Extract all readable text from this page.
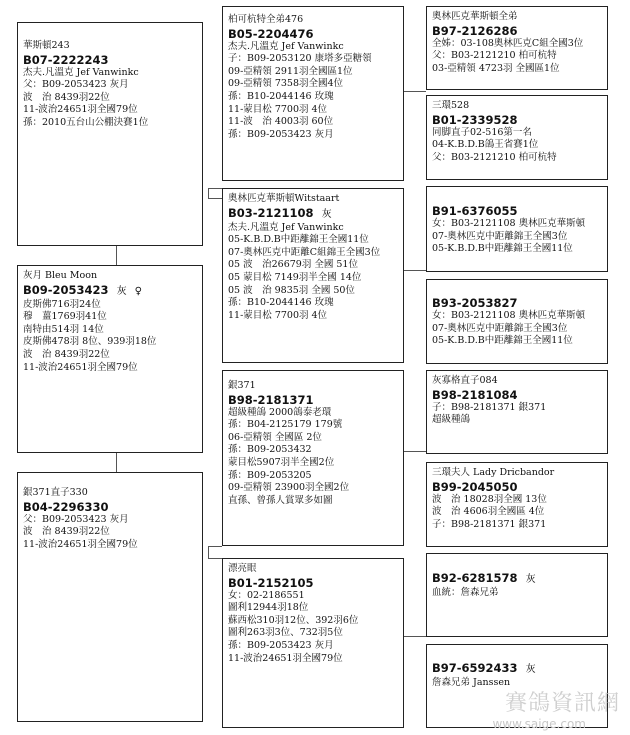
華斯頓243
B07-2222243
杰夫.凡溫克 Jef Vanwinkc
父：B09-2053423 灰月
波　治 8439羽22位
11-波治24651羽全國79位
孫：2010五台山公棚決賽1位
灰月 Bleu Moon
B09-2053423 灰 ♀
皮斯佛716羽24位
穆　薑1769羽41位
南特由514羽 14位
皮斯佛478羽 8位、939羽18位
波　治 8439羽22位
11-波治24651羽全國79位
銀371直子330
B04-2296330
父：B09-2053423 灰月
波　治 8439羽22位
11-波治24651羽全國79位
柏可杭特全弟476
B05-2204476
杰夫.凡溫克 Jef Vanwinkc
子：B09-2053120 康塔多亞糖領
09-亞精領 2911羽全國區1位
09-亞精領 7358羽全國4位
孫：B10-2044146 玫瑰
11-蒙目松 7700羽 4位
11-波　治 4003羽 60位
孫：B09-2053423 灰月
奧林匹克華斯頓Witstaart
B03-2121108 灰
杰夫.凡溫克 Jef Vanwinkc
05-K.B.D.B中距離錦王全國11位
07-奧林匹克中距離C組錦王全國3位
05 波　治26679羽 全國 51位
05 蒙目松 7149羽半全國 14位
05 波　治 9835羽 全國 50位
孫：B10-2044146 玫瑰
11-蒙目松 7700羽 4位
銀371
B98-2181371
超級種鴿 2000鴿泰老環
孫：B04-2125179 179號
06-亞精領 全國區 2位
孫：B09-2053432
蒙目松5907羽半全國2位
孫：B09-2053205
09-亞精領 23900羽全國2位
直孫、曾孫人賞眾多如圖
漂亮眼
B01-2152105
女：02-2186551
圖利12944羽18位
蘇西松310羽12位、392羽6位
圖利263羽3位、732羽5位
孫：B09-2053423 灰月
11-波治24651羽全國79位
奧林匹克華斯頓全弟
B97-2126286
全姊：03-108奧林匹克C組全國3位
父：B03-2121210 柏可杭特
03-亞精領 4723羽 全國區1位
三環528
B01-2339528
同脚直子02-516第一名
04-K.B.D.B鴿王省賽1位
父：B03-2121210 柏可杭特
B91-6376055
女：B03-2121108 奧林匹克華斯頓
07-奧林匹克中距離錦王全國3位
05-K.B.D.B中距離錦王全國11位
B93-2053827
女：B03-2121108 奧林匹克華斯頓
07-奧林匹克中距離錦王全國3位
05-K.B.D.B中距離錦王全國11位
灰寡格直子084
B98-2181084
子：B98-2181371 銀371
超級種鴿
三環夫人 Lady Dricbandor
B99-2045050
波　治 18028羽全國 13位
波　治 4606羽全國區 4位
子：B98-2181371 銀371
B92-6281578 灰
血統：詹森兄弟
B97-6592433 灰
詹森兄弟 Janssen
賽鴿資訊網
www.saige.com
